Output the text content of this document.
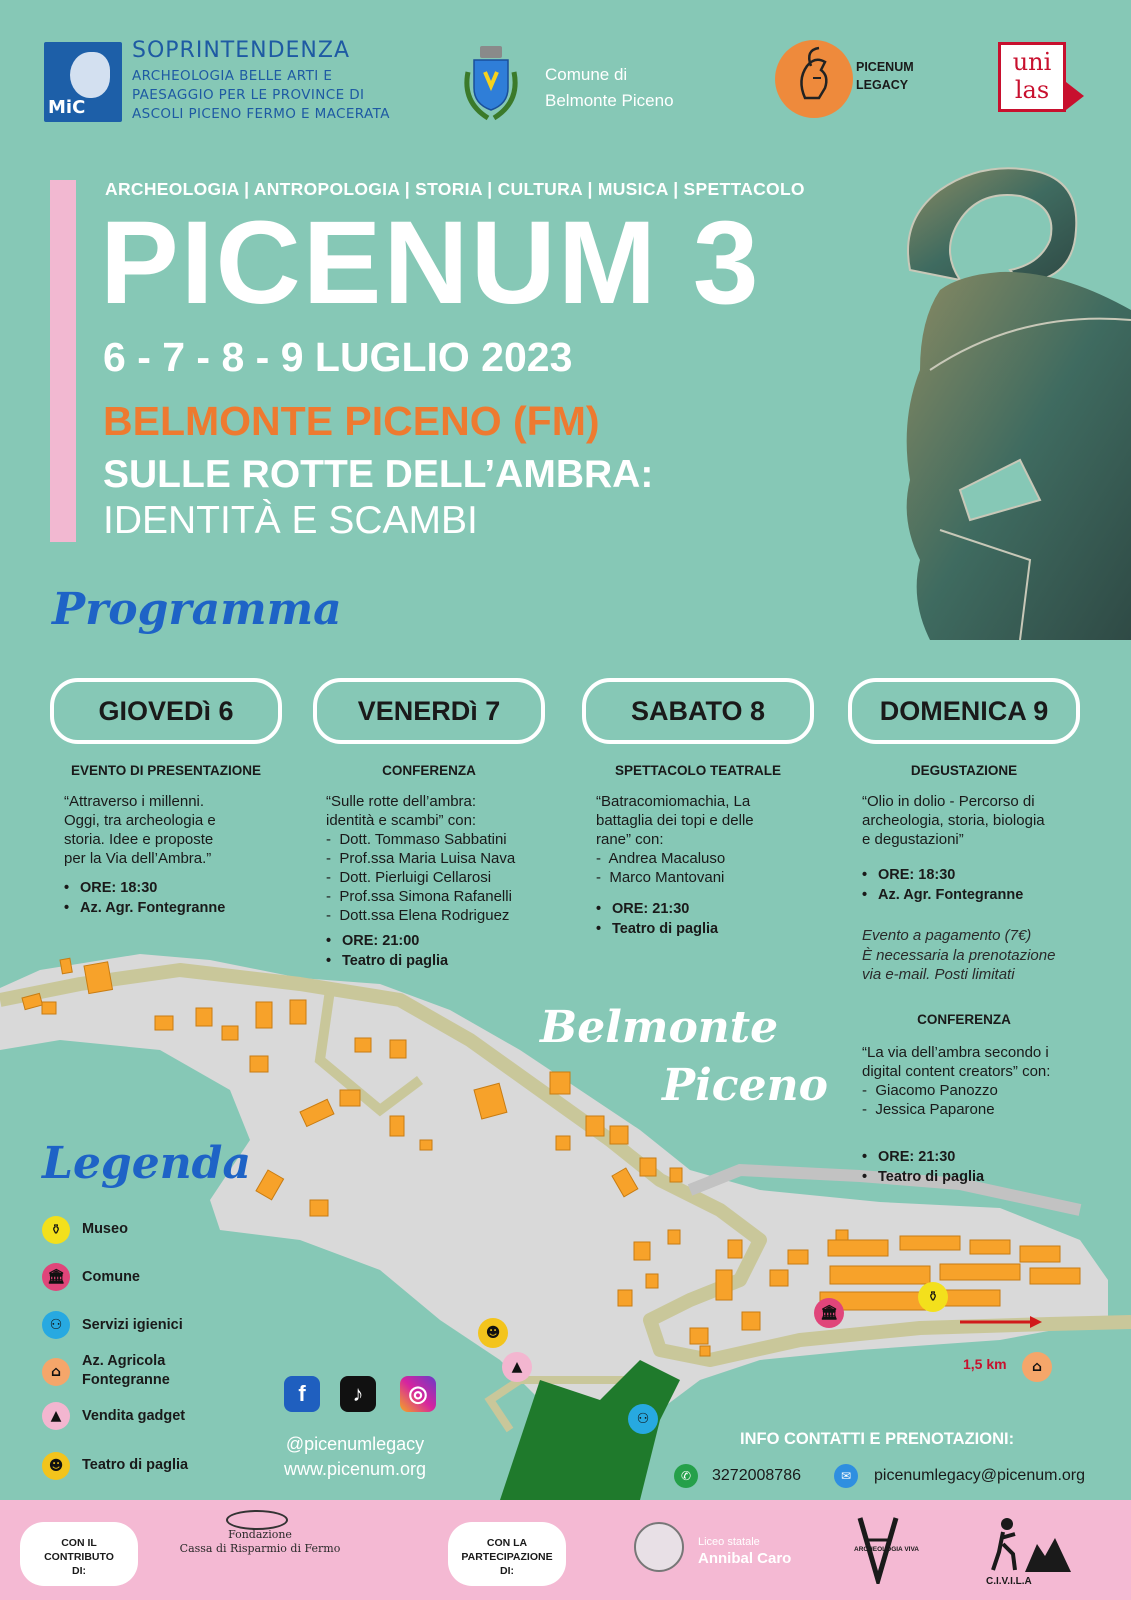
MiC
SOPRINTENDENZA
ARCHEOLOGIA BELLE ARTI E
PAESAGGIO PER LE PROVINCE DI
ASCOLI PICENO FERMO E MACERATA
Comune di
Belmonte Piceno
PICENUM
LEGACY
uni
las
ARCHEOLOGIA | ANTROPOLOGIA | STORIA | CULTURA | MUSICA | SPETTACOLO
PICENUM 3
6 - 7 - 8 - 9 LUGLIO 2023
BELMONTE PICENO (FM)
SULLE ROTTE DELL’AMBRA:
IDENTITÀ E SCAMBI
Programma
GIOVEDì 6
EVENTO DI PRESENTAZIONE
“Attraverso i millenni.
Oggi, tra archeologia e
storia. Idee e proposte
per la Via dell’Ambra.”
• ORE: 18:30
• Az. Agr. Fontegranne
VENERDì 7
CONFERENZA
“Sulle rotte dell’ambra:
identità e scambi” con:
-  Dott. Tommaso Sabbatini
-  Prof.ssa Maria Luisa Nava
-  Dott. Pierluigi Cellarosi
-  Prof.ssa Simona Rafanelli
-  Dott.ssa Elena Rodriguez
• ORE: 21:00
• Teatro di paglia
SABATO 8
SPETTACOLO TEATRALE
“Batracomiomachia, La
battaglia dei topi e delle
rane” con:
-  Andrea Macaluso
-  Marco Mantovani
• ORE: 21:30
• Teatro di paglia
DOMENICA 9
DEGUSTAZIONE
“Olio in dolio - Percorso di
archeologia, storia, biologia
e degustazioni”
Belmonte
Piceno
⚱
🏛
☻
▲
⚇
⌂
1,5 km
• ORE: 18:30
• Az. Agr. Fontegranne
Evento a pagamento (7€)
È necessaria la prenotazione
via e-mail. Posti limitati
CONFERENZA
“La via dell’ambra secondo i
digital content creators” con:
-  Giacomo Panozzo
-  Jessica Paparone
• ORE: 21:30
• Teatro di paglia
Legenda
⚱	Museo
🏛	Comune
⚇	Servizi igienici
⌂
Az. Agricola
Fontegranne
▲	Vendita gadget
☻	Teatro di paglia
f	♪	◎
@picenumlegacy
www.picenum.org
INFO CONTATTI E PRENOTAZIONI:
✆	3272008786	✉	picenumlegacy@picenum.org
CON IL
CONTRIBUTO
DI:
Fondazione
Cassa di Risparmio di Fermo	CON LA
PARTECIPAZIONE
DI:
Liceo statale
Annibal Caro
ARCHEOLOGIA VIVA
C.I.V.I.L.A
